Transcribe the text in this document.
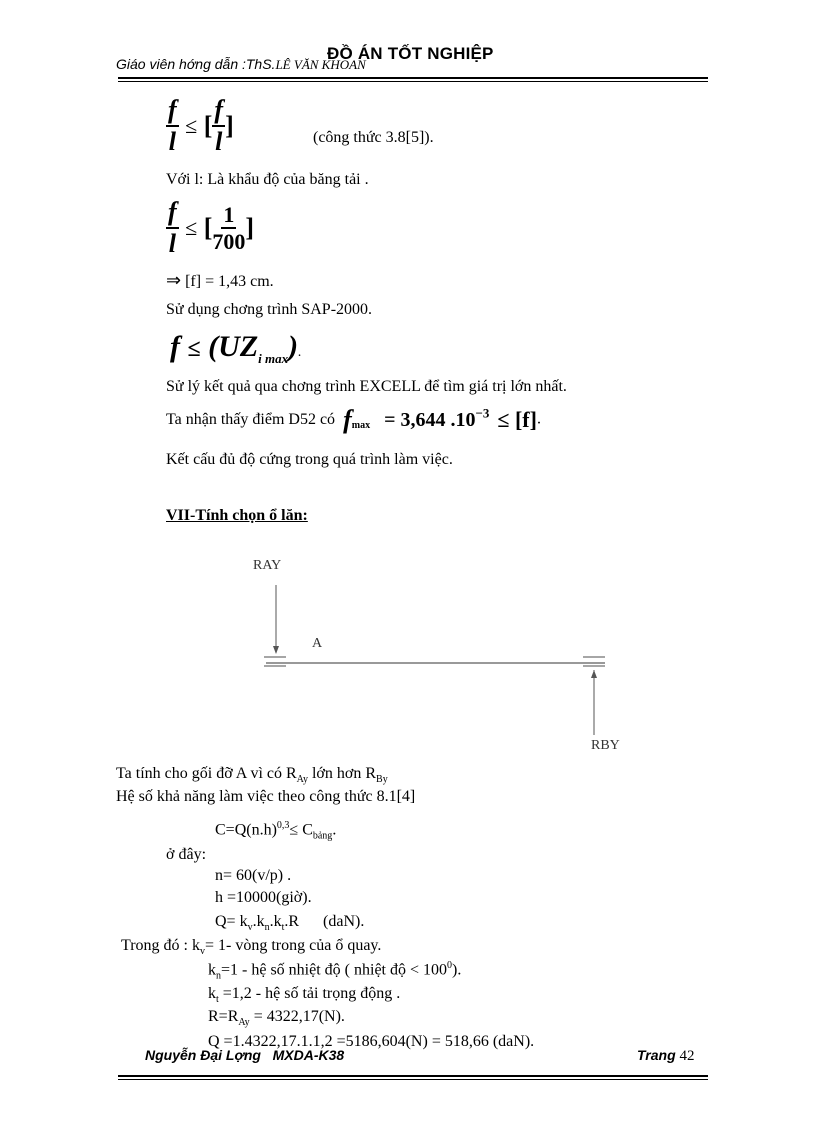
Giáo viên hớng dẫn :ThS.LÊ VĂN KHOAN
ĐỒ ÁN TỐT NGHIỆP
$\frac{f}{l}$ ≤ [ $\frac{f}{l}$ ]	(công thức 3.8[5]).
Với l: Là khẩu độ của băng tải .
$\frac{f}{l}$ ≤ [ $\frac{1}{700}$ ]
⇒ [f] = 1,43 cm.
Sử dụng chơng trình SAP-2000.
$f \le (UZ_{i max})$.
Sử lý kết quả qua chơng trình EXCELL để tìm giá trị lớn nhất.
Ta nhận thấy điểm D52 có $f_{max} = 3,644$ $.10^{-3} \le [f]$.
Kết cấu đủ độ cứng trong quá trình làm việc.
VII-Tính chọn ổ lăn:
RAY
A
RBY
Ta tính cho gối đỡ A vì có $R_{Ay}$ lớn hơn $R_{By}$
Hệ số khả năng làm việc theo công thức 8.1[4]
$C=Q(n.h)^{0,3}\le C_{bảng}$.
ở đây:
n= 60(v/p) .
h =10000(giờ).
$Q= k_v.k_n.k_t.R$      (daN).
Trong đó : $k_v= 1-$ vòng trong của ổ quay.
$k_n=1$ - hệ số nhiệt độ ( nhiệt độ < $100^0$).
$k_t =1,2$ - hệ số tải trọng động .
$R=R_{Ay} = 4322,17(N)$.
Q =1.4322,17.1.1,2 =5186,604(N) = 518,66 (daN).
Nguyễn Đại Lợng   MXDA-K38	Trang 42
